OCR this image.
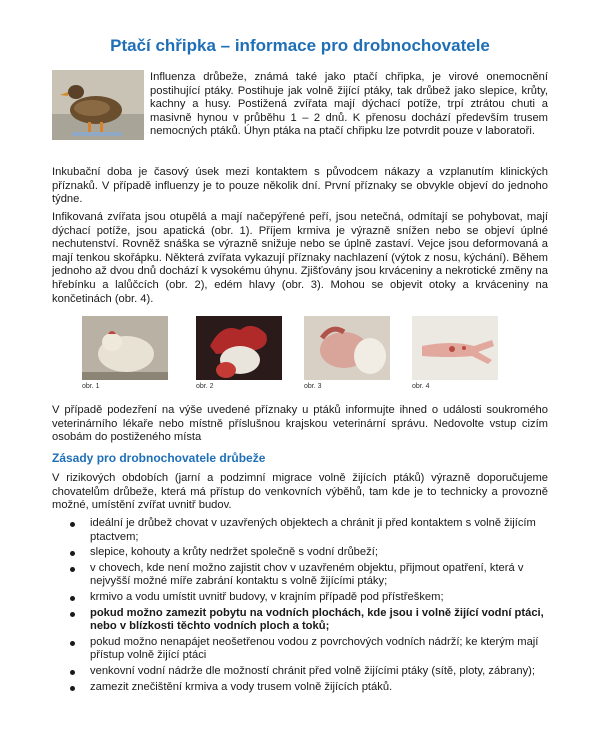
Ptačí chřipka – informace pro drobnochovatele

Influenza drůbeže, známá také jako ptačí chřipka, je virové onemocnění postihující ptáky. Postihuje jak volně žijící ptáky, tak drůbež jako slepice, krůty, kachny a husy. Postižená zvířata mají dýchací potíže, trpí ztrátou chuti a masivně hynou v průběhu 1 – 2 dnů. K přenosu dochází především trusem nemocných ptáků. Úhyn ptáka na ptačí chřipku lze potvrdit pouze v laboratoři.

Inkubační doba je časový úsek mezi kontaktem s původcem nákazy a vzplanutím klinických příznaků. V případě influenzy je to pouze několik dní. První příznaky se obvykle objeví do jednoho týdne.

Infikovaná zvířata jsou otupělá a mají načepýřené peří, jsou netečná, odmítají se pohybovat, mají dýchací potíže, jsou apatická (obr. 1). Příjem krmiva je výrazně snížen nebo se objeví úplné nechutenství. Rovněž snáška se výrazně snižuje nebo se úplně zastaví. Vejce jsou deformovaná a mají tenkou skořápku. Některá zvířata vykazují příznaky nachlazení (výtok z nosu, kýchání). Během jednoho až dvou dnů dochází k vysokému úhynu. Zjišťovány jsou krváceniny a nekrotické změny na hřebínku a lalůčcích (obr. 2), edém hlavy (obr. 3). Mohou se objevit otoky a krváceniny na končetinách (obr. 4).

obr. 1	obr. 2	obr. 3	obr. 4

V případě podezření na výše uvedené příznaky u ptáků informujte ihned o události soukromého veterinárního lékaře nebo místně příslušnou krajskou veterinární správu. Nedovolte vstup cizím osobám do postiženého místa

Zásady pro drobnochovatele drůbeže

V rizikových obdobích (jarní a podzimní migrace volně žijících ptáků) výrazně doporučujeme chovatelům drůbeže, která má přístup do venkovních výběhů, tam kde je to technicky a provozně možné, umístění zvířat uvnitř budov.

ideální je drůbež chovat v uzavřených objektech a chránit ji před kontaktem s volně žijícím ptactvem;
slepice, kohouty a krůty nedržet společně s vodní drůbeží;
v chovech, kde není možno zajistit chov v uzavřeném objektu, přijmout opatření, která v nejvyšší možné míře zabrání kontaktu s volně žijícími ptáky;
krmivo a vodu umístit uvnitř budovy, v krajním případě pod přístřeškem;
pokud možno zamezit pobytu na vodních plochách, kde jsou i volně žijící vodní ptáci, nebo v blízkosti těchto vodních ploch a toků;
pokud možno nenapájet neošetřenou vodou z povrchových vodních nádrží; ke kterým mají přístup volně žijící ptáci
venkovní vodní nádrže dle možností chránit před volně žijícími ptáky (sítě, ploty, zábrany);
zamezit znečištění krmiva a vody trusem volně žijících ptáků.
